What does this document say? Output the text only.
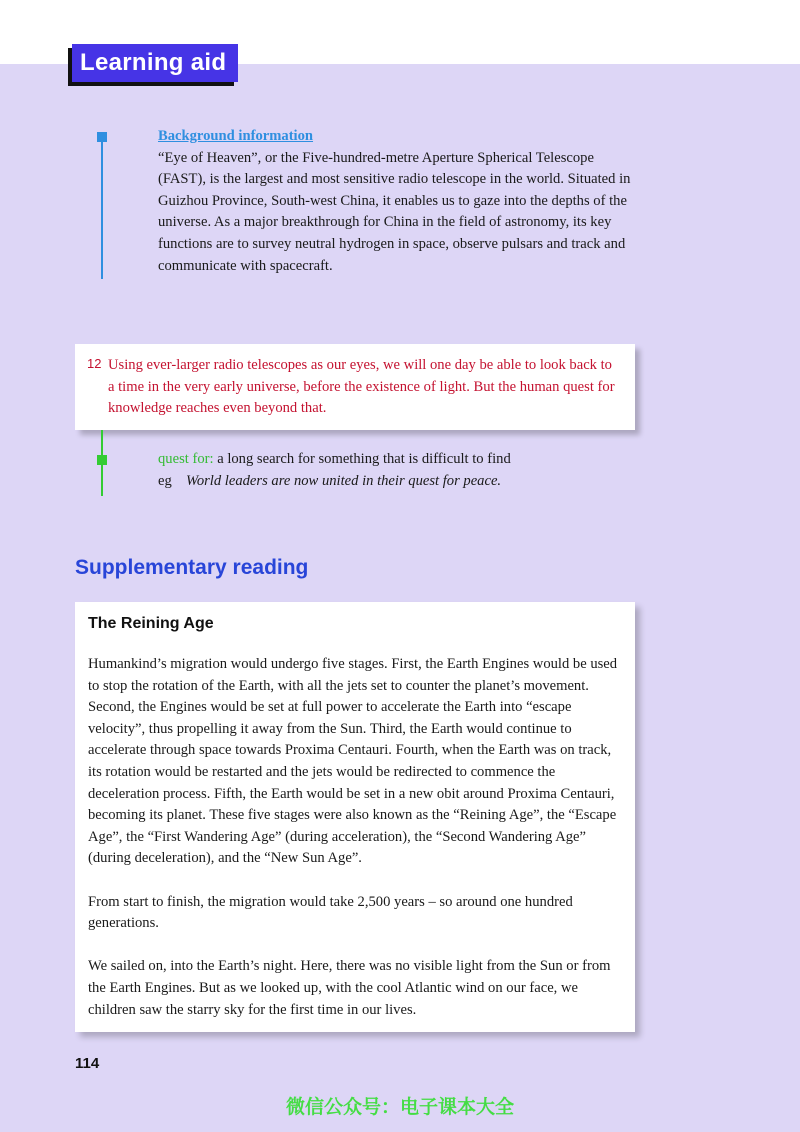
Learning aid
Background information
“Eye of Heaven”, or the Five-hundred-metre Aperture Spherical Telescope (FAST), is the largest and most sensitive radio telescope in the world. Situated in Guizhou Province, South-west China, it enables us to gaze into the depths of the universe. As a major breakthrough for China in the field of astronomy, its key functions are to survey neutral hydrogen in space, observe pulsars and track and communicate with spacecraft.
12 Using ever-larger radio telescopes as our eyes, we will one day be able to look back to a time in the very early universe, before the existence of light. But the human quest for knowledge reaches even beyond that.
quest for: a long search for something that is difficult to find
eg World leaders are now united in their quest for peace.
Supplementary reading
The Reining Age

Humankind’s migration would undergo five stages. First, the Earth Engines would be used to stop the rotation of the Earth, with all the jets set to counter the planet’s movement. Second, the Engines would be set at full power to accelerate the Earth into “escape velocity”, thus propelling it away from the Sun. Third, the Earth would continue to accelerate through space towards Proxima Centauri. Fourth, when the Earth was on track, its rotation would be restarted and the jets would be redirected to commence the deceleration process. Fifth, the Earth would be set in a new obit around Proxima Centauri, becoming its planet. These five stages were also known as the “Reining Age”, the “Escape Age”, the “First Wandering Age” (during acceleration), the “Second Wandering Age” (during deceleration), and the “New Sun Age”.

From start to finish, the migration would take 2,500 years – so around one hundred generations.

We sailed on, into the Earth’s night. Here, there was no visible light from the Sun or from the Earth Engines. But as we looked up, with the cool Atlantic wind on our face, we children saw the starry sky for the first time in our lives.

114
微信公众号：电子课本大全
